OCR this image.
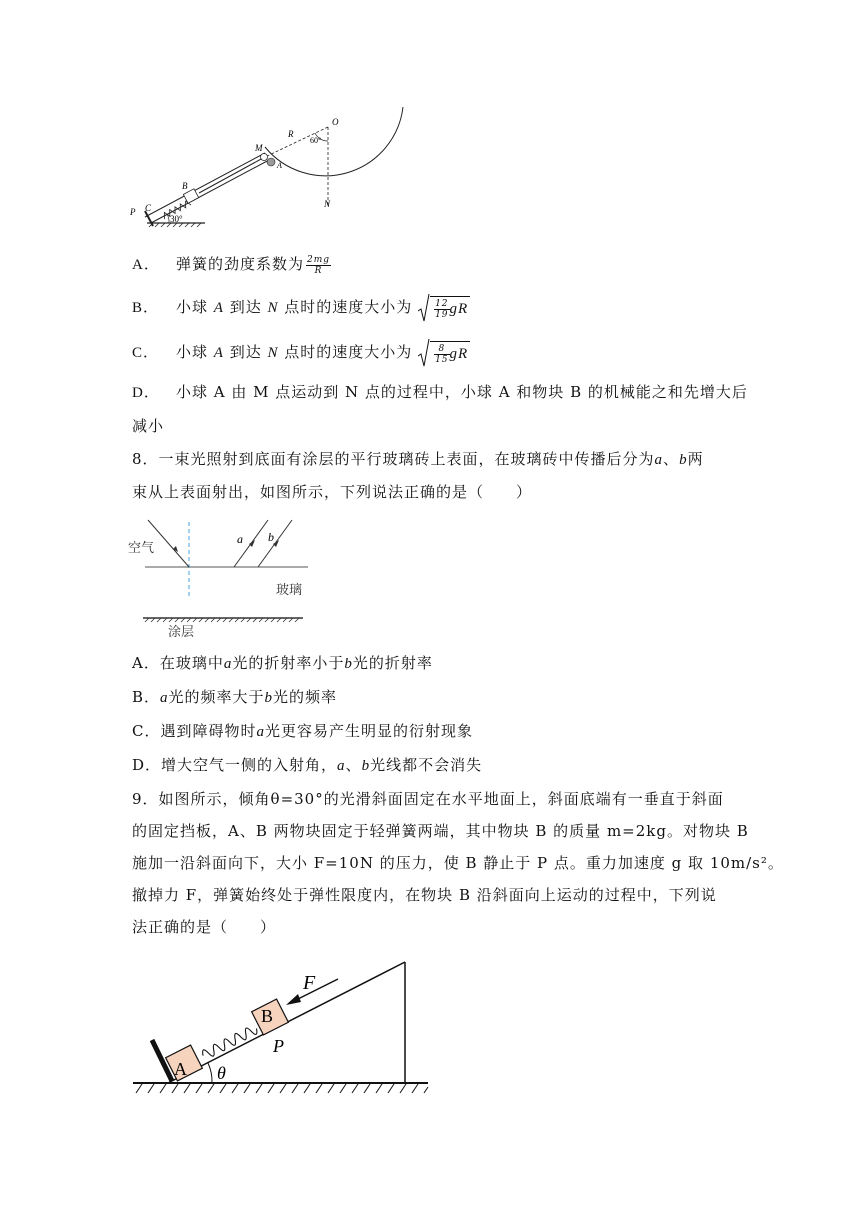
O
R
60°
M
A
B
C
P
N
30°
A． 弹簧的劲度系数为 $\frac{2mg}{R}$
B． 小球 A 到达 N 点时的速度大小为 $\frac{12}{19}$ gR
C． 小球 A 到达 N 点时的速度大小为 $\frac{8}{15}$ gR
D． 小球 A 由 M 点运动到 N 点的过程中，小球 A 和物块 B 的机械能之和先增大后
减小
8．一束光照射到底面有涂层的平行玻璃砖上表面，在玻璃砖中传播后分为a、b两
束从上表面射出，如图所示，下列说法正确的是（　　）
空气
玻璃
涂层
a b
A．在玻璃中a光的折射率小于b光的折射率
B．a光的频率大于b光的频率
C．遇到障碍物时a光更容易产生明显的衍射现象
D．增大空气一侧的入射角，a、b光线都不会消失
9．如图所示，倾角θ=30°的光滑斜面固定在水平地面上，斜面底端有一垂直于斜面
的固定挡板，A、B 两物块固定于轻弹簧两端，其中物块 B 的质量 m=2kg。对物块 B
施加一沿斜面向下，大小 F=10N 的压力，使 B 静止于 P 点。重力加速度 g 取 10m/s²。
撤掉力 F，弹簧始终处于弹性限度内，在物块 B 沿斜面向上运动的过程中，下列说
法正确的是（　　）
F
B
A
P
θ
